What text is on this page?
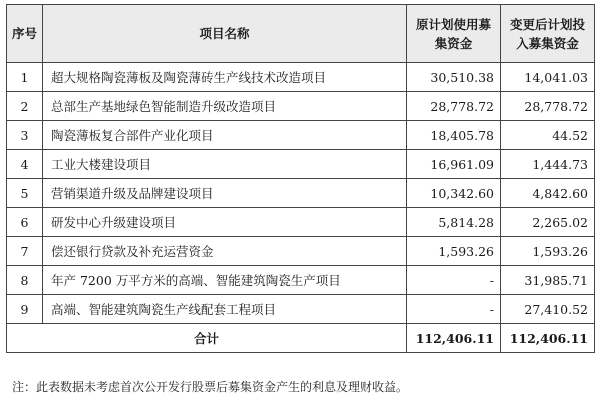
序号	项目名称	原计划使用募集资金	变更后计划投入募集资金
1	超大规格陶瓷薄板及陶瓷薄砖生产线技术改造项目	30,510.38	14,041.03
2	总部生产基地绿色智能制造升级改造项目	28,778.72	28,778.72
3	陶瓷薄板复合部件产业化项目	18,405.78	44.52
4	工业大楼建设项目	16,961.09	1,444.73
5	营销渠道升级及品牌建设项目	10,342.60	4,842.60
6	研发中心升级建设项目	5,814.28	2,265.02
7	偿还银行贷款及补充运营资金	1,593.26	1,593.26
8	年产 7200 万平方米的高端、智能建筑陶瓷生产项目	-	31,985.71
9	高端、智能建筑陶瓷生产线配套工程项目	-	27,410.52
合计		112,406.11	112,406.11
注：此表数据未考虑首次公开发行股票后募集资金产生的利息及理财收益。
